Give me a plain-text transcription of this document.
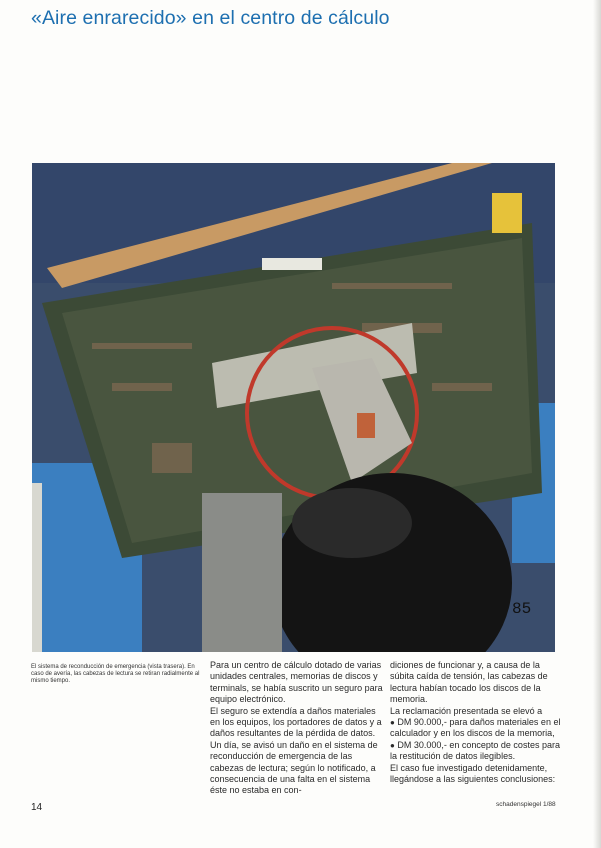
«Aire enrarecido» en el centro de cálculo
85
El sistema de reconducción de emergencia (vista trasera). En caso de avería, las cabezas de lectura se retiran radialmente al mismo tiempo.

Para un centro de cálculo dotado de varias unidades centrales, memorias de discos y terminals, se había suscrito un seguro para equipo electrónico.

El seguro se extendía a daños materiales en los equipos, los portadores de datos y a daños resultantes de la pérdida de datos. Un día, se avisó un daño en el sistema de reconducción de emergencia de las cabezas de lectura; según lo notificado, a consecuencia de una falta en el sistema éste no estaba en con-

diciones de funcionar y, a causa de la súbita caída de tensión, las cabezas de lectura habían tocado los discos de la memoria.

La reclamación presentada se elevó a

● DM 90.000,- para daños materiales en el calculador y en los discos de la memoria,

● DM 30.000,- en concepto de costes para la restitución de datos ilegibles.

El caso fue investigado detenidamente, llegándose a las siguientes conclusiones:

14	schadenspiegel 1/88
